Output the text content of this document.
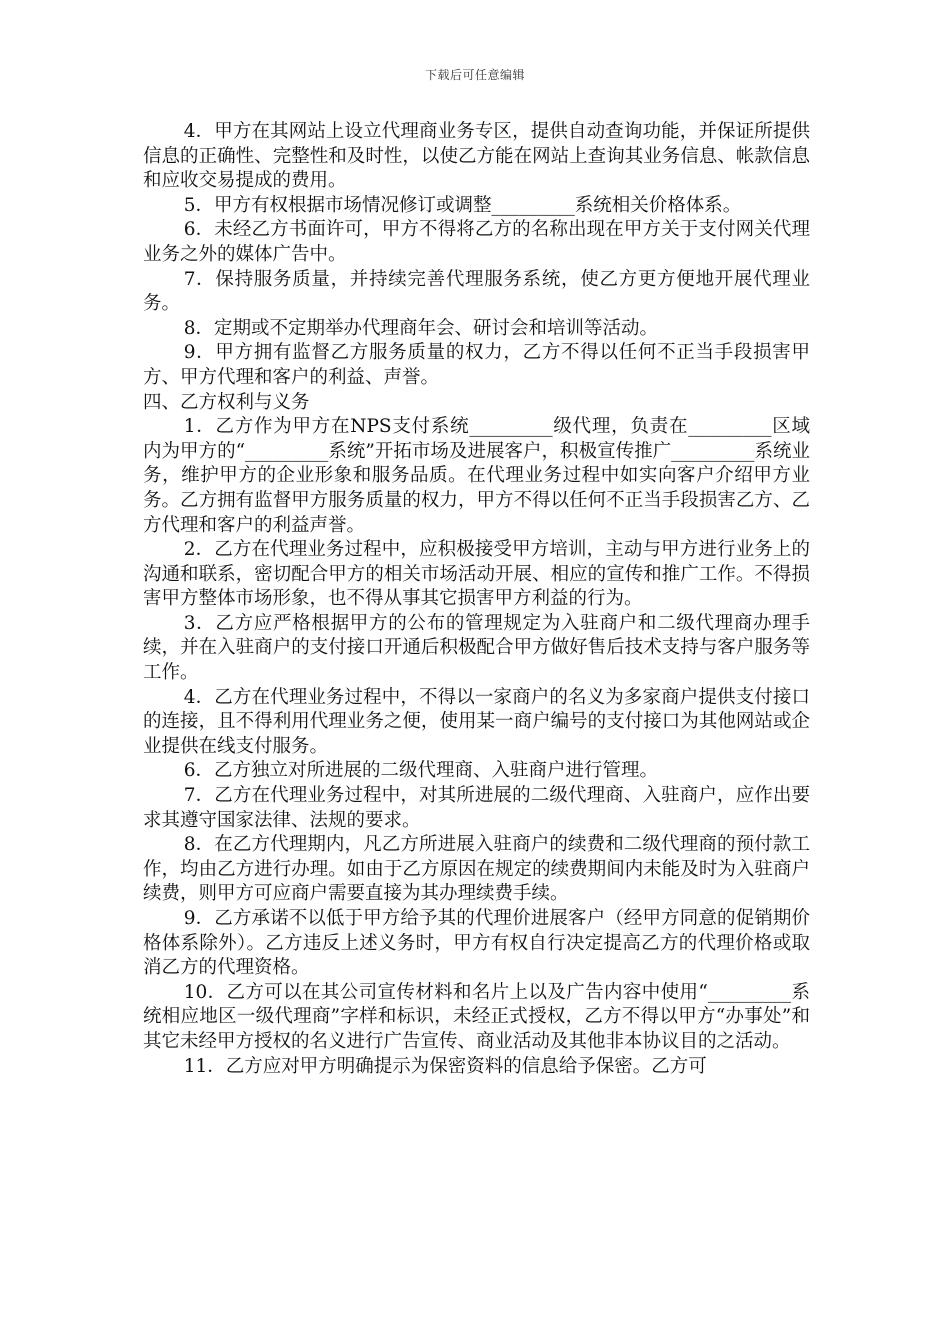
下载后可任意编辑

4．甲方在其网站上设立代理商业务专区，提供自动查询功能，并保证所提供信息的正确性、完整性和及时性，以使乙方能在网站上查询其业务信息、帐款信息和应收交易提成的费用。

5．甲方有权根据市场情况修订或调整_________系统相关价格体系。

6．未经乙方书面许可，甲方不得将乙方的名称出现在甲方关于支付网关代理业务之外的媒体广告中。

7．保持服务质量，并持续完善代理服务系统，使乙方更方便地开展代理业务。

8．定期或不定期举办代理商年会、研讨会和培训等活动。

9．甲方拥有监督乙方服务质量的权力，乙方不得以任何不正当手段损害甲方、甲方代理和客户的利益、声誉。

四、乙方权利与义务

1．乙方作为甲方在NPS支付系统_________级代理，负责在_________区域内为甲方的“_________系统”开拓市场及进展客户，积极宣传推广_________系统业务，维护甲方的企业形象和服务品质。在代理业务过程中如实向客户介绍甲方业务。乙方拥有监督甲方服务质量的权力，甲方不得以任何不正当手段损害乙方、乙方代理和客户的利益声誉。

2．乙方在代理业务过程中，应积极接受甲方培训，主动与甲方进行业务上的沟通和联系，密切配合甲方的相关市场活动开展、相应的宣传和推广工作。不得损害甲方整体市场形象，也不得从事其它损害甲方利益的行为。

3．乙方应严格根据甲方的公布的管理规定为入驻商户和二级代理商办理手续，并在入驻商户的支付接口开通后积极配合甲方做好售后技术支持与客户服务等工作。

4．乙方在代理业务过程中，不得以一家商户的名义为多家商户提供支付接口的连接，且不得利用代理业务之便，使用某一商户编号的支付接口为其他网站或企业提供在线支付服务。

6．乙方独立对所进展的二级代理商、入驻商户进行管理。

7．乙方在代理业务过程中，对其所进展的二级代理商、入驻商户，应作出要求其遵守国家法律、法规的要求。

8．在乙方代理期内，凡乙方所进展入驻商户的续费和二级代理商的预付款工作，均由乙方进行办理。如由于乙方原因在规定的续费期间内未能及时为入驻商户续费，则甲方可应商户需要直接为其办理续费手续。

9．乙方承诺不以低于甲方给予其的代理价进展客户（经甲方同意的促销期价格体系除外）。乙方违反上述义务时，甲方有权自行决定提高乙方的代理价格或取消乙方的代理资格。

10．乙方可以在其公司宣传材料和名片上以及广告内容中使用“_________系统相应地区一级代理商”字样和标识，未经正式授权，乙方不得以甲方“办事处”和其它未经甲方授权的名义进行广告宣传、商业活动及其他非本协议目的之活动。

11．乙方应对甲方明确提示为保密资料的信息给予保密。乙方可
